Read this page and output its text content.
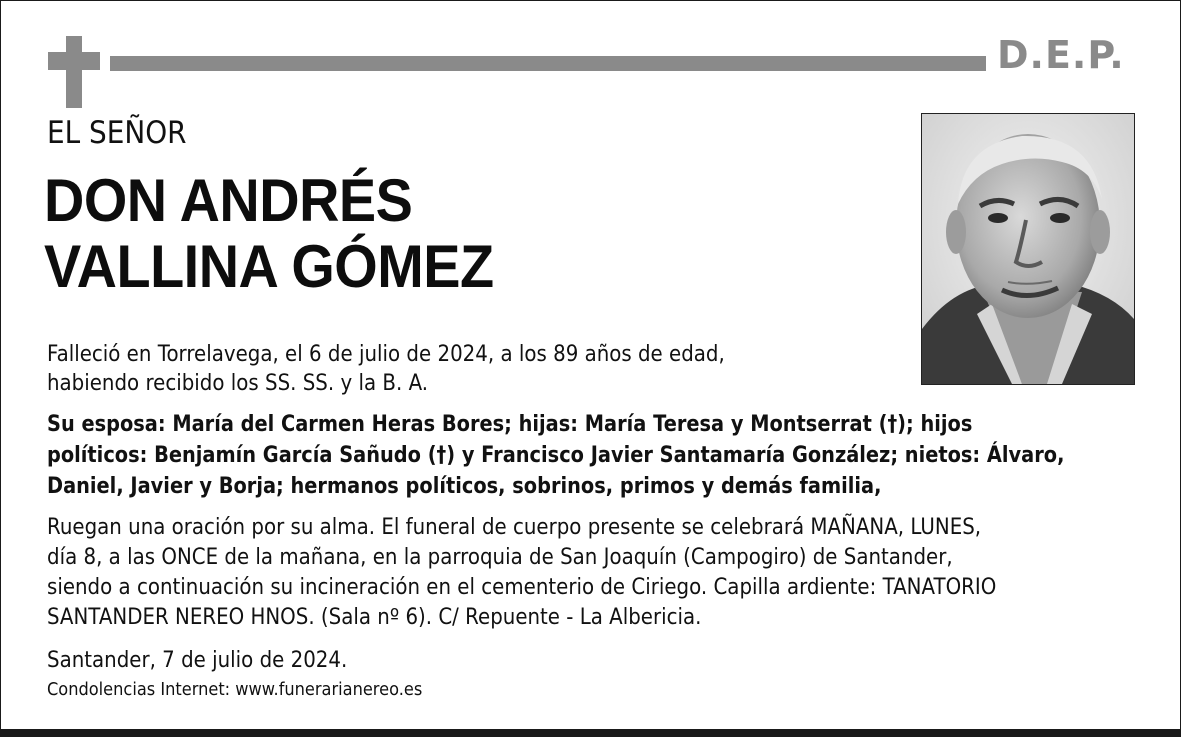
D.E.P.
EL SEÑOR
DON ANDRÉS
VALLINA GÓMEZ
Falleció en Torrelavega, el 6 de julio de 2024, a los 89 años de edad,
habiendo recibido los SS. SS. y la B. A.
Su esposa: María del Carmen Heras Bores; hijas: María Teresa y Montserrat (†); hijos
políticos: Benjamín García Sañudo (†) y Francisco Javier Santamaría González; nietos: Álvaro,
Daniel, Javier y Borja; hermanos políticos, sobrinos, primos y demás familia,
Ruegan una oración por su alma. El funeral de cuerpo presente se celebrará MAÑANA, LUNES,
día 8, a las ONCE de la mañana, en la parroquia de San Joaquín (Campogiro) de Santander,
siendo a continuación su incineración en el cementerio de Ciriego. Capilla ardiente: TANATORIO
SANTANDER NEREO HNOS. (Sala nº 6). C/ Repuente - La Albericia.
Santander, 7 de julio de 2024.
Condolencias Internet: www.funerarianereo.es
